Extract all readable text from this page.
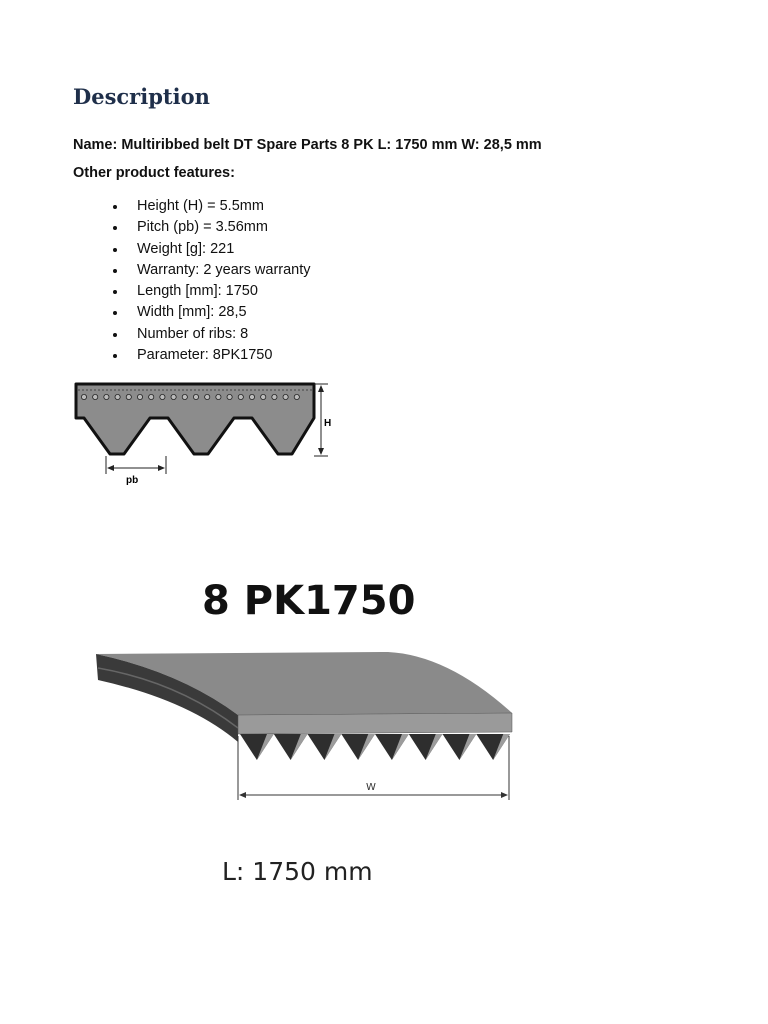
Description

Name: Multiribbed belt DT Spare Parts 8 PK L: 1750 mm W: 28,5 mm

Other product features:

Height (H) = 5.5mm
Pitch (pb) = 3.56mm
Weight [g]: 221
Warranty: 2 years warranty
Length [mm]: 1750
Width [mm]: 28,5
Number of ribs: 8
Parameter: 8PK1750
H
pb
8 PK1750
W
L: 1750 mm
